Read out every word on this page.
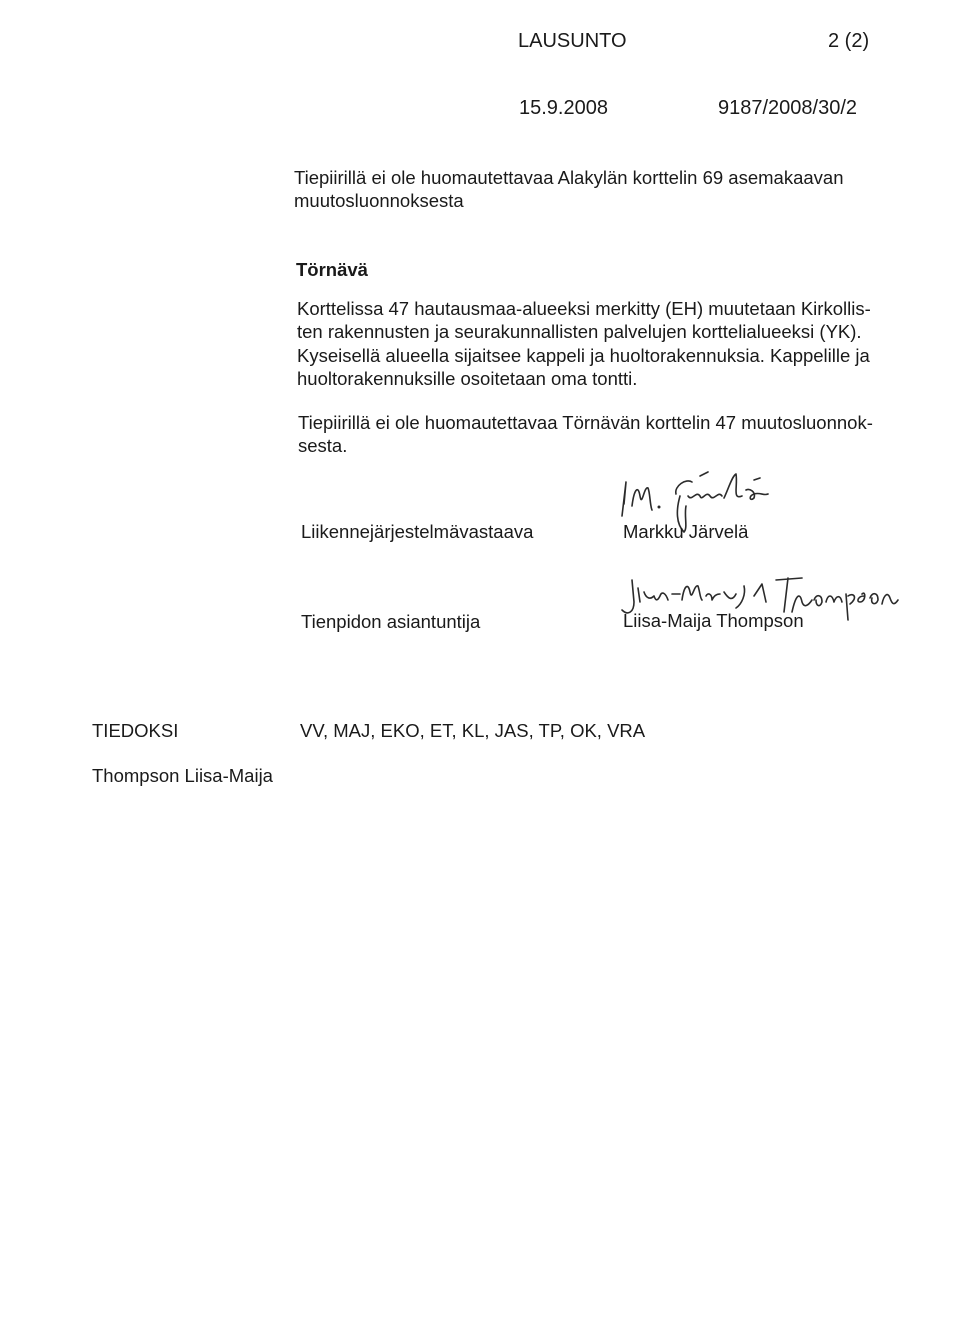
LAUSUNTO	2 (2)
15.9.2008	9187/2008/30/2
Tiepiirillä ei ole huomautettavaa Alakylän korttelin 69 asemakaavan
muutosluonnoksesta
Törnävä
Korttelissa 47 hautausmaa-alueeksi merkitty (EH) muutetaan Kirkollis-
ten rakennusten ja seurakunnallisten palvelujen korttelialueeksi (YK).
Kyseisellä alueella sijaitsee kappeli ja huoltorakennuksia. Kappelille ja
huoltorakennuksille osoitetaan oma tontti.
Tiepiirillä ei ole huomautettavaa Törnävän korttelin 47 muutosluonnok-
sesta.
Liikennejärjestelmävastaava	Markku Järvelä
Tienpidon asiantuntija	Liisa-Maija Thompson
TIEDOKSI	VV, MAJ, EKO, ET, KL, JAS, TP, OK, VRA
Thompson Liisa-Maija
